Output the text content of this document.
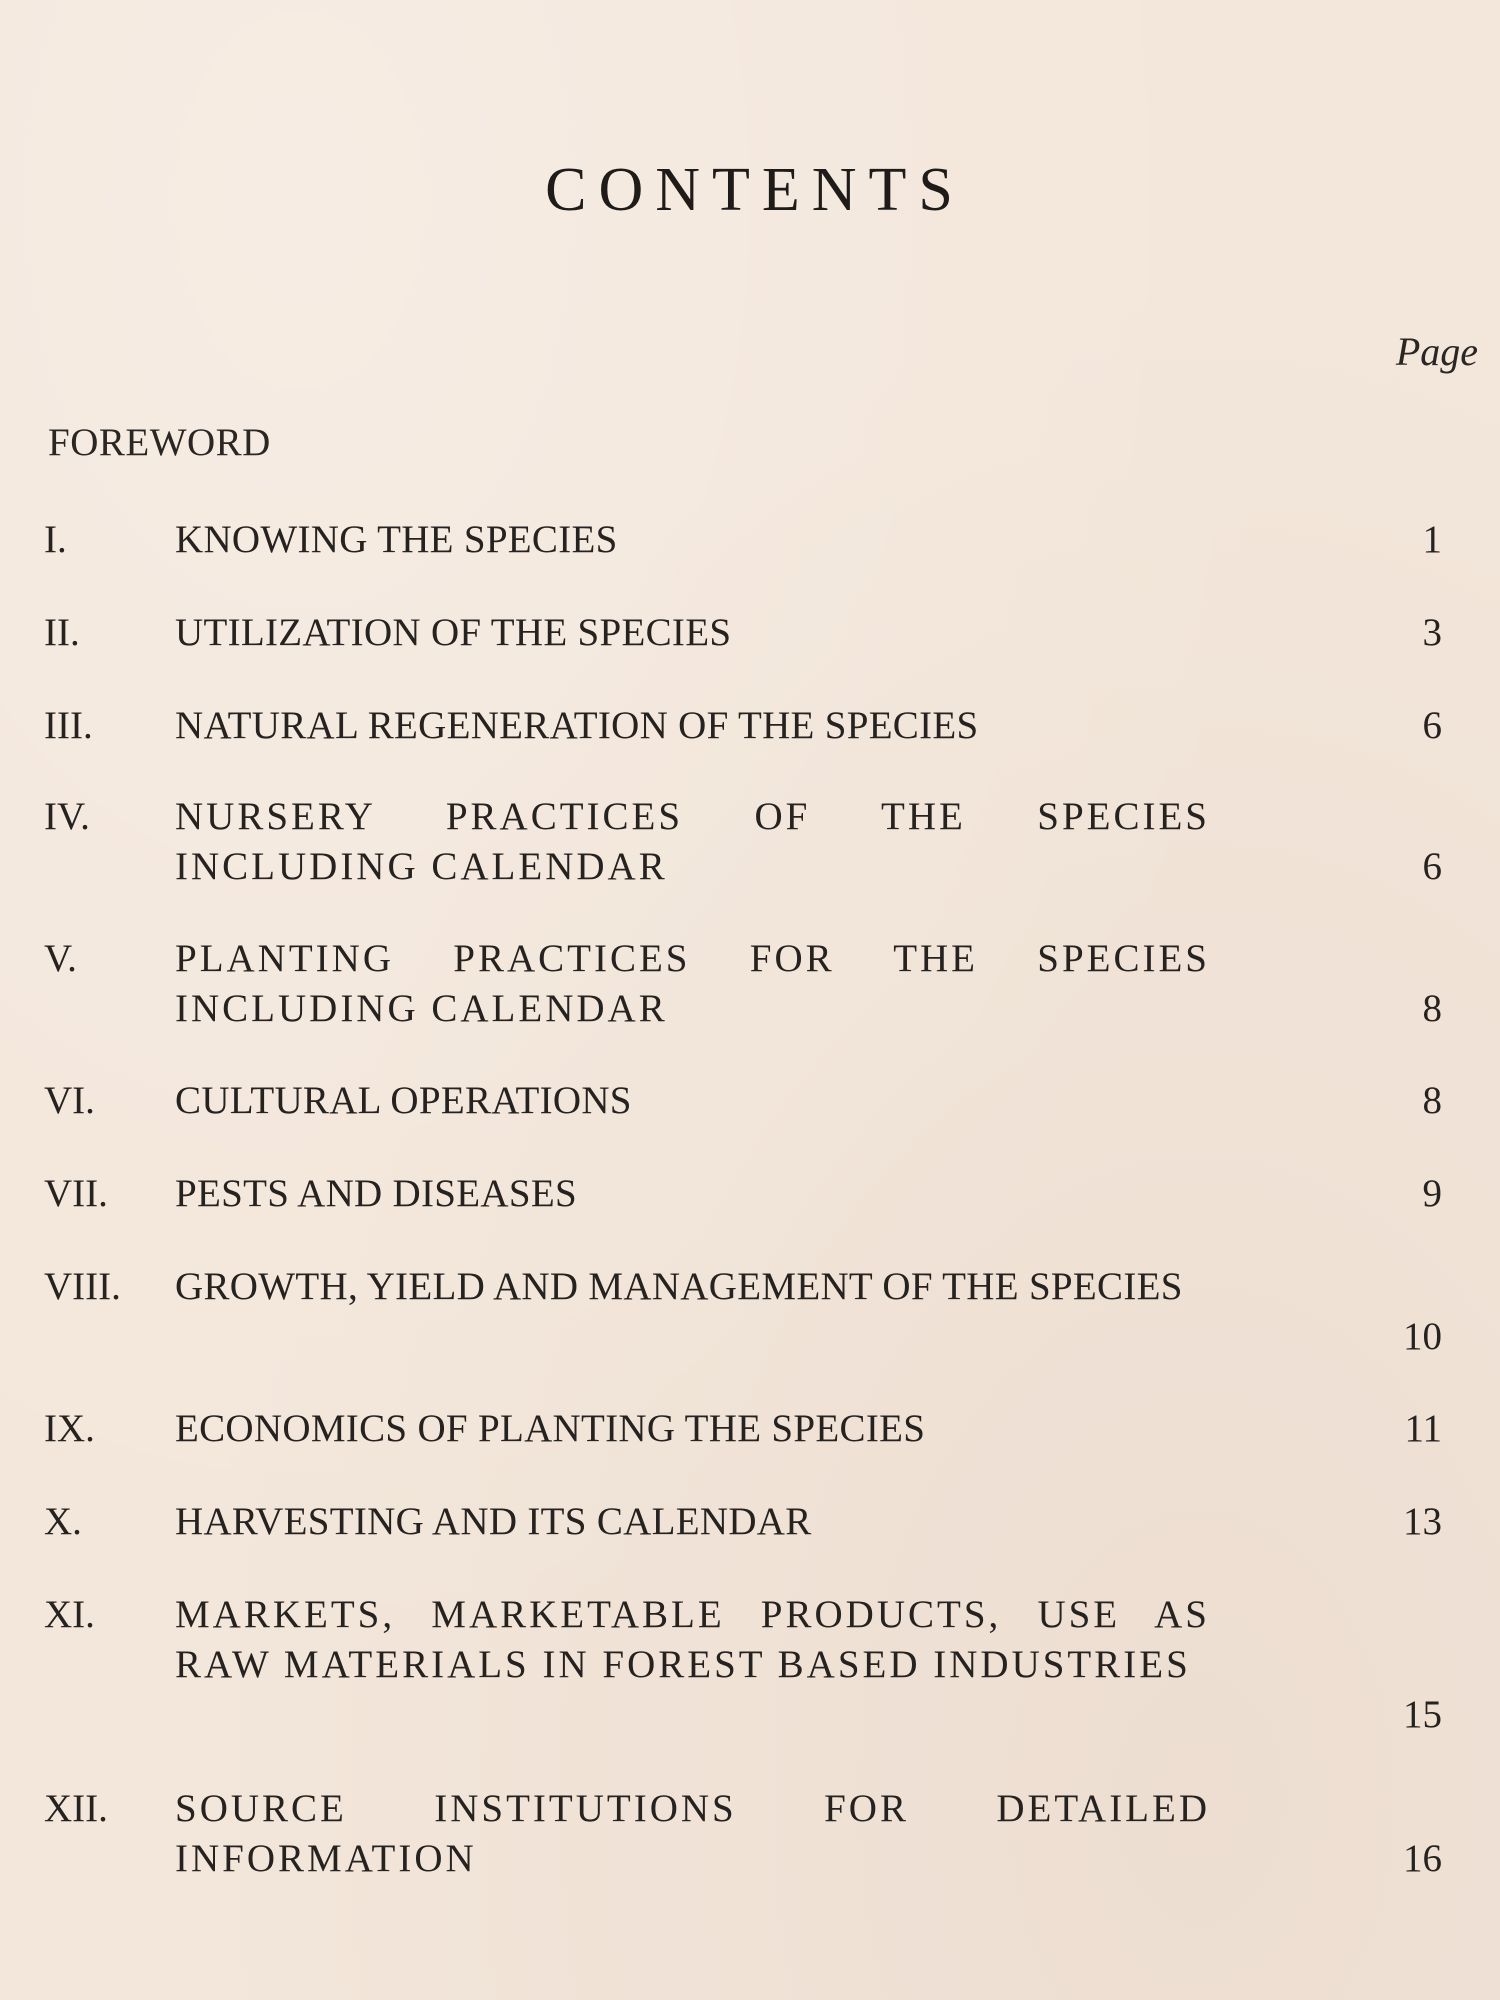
CONTENTS
Page
FOREWORD
I.	KNOWING THE SPECIES	1
II. UTILIZATION OF THE SPECIES	3
III. NATURAL REGENERATION OF THE SPECIES	6
IV. NURSERY PRACTICES OF THE SPECIES INCLUDING CALENDAR	6
V.	PLANTING PRACTICES FOR THE SPECIES INCLUDING CALENDAR	8
VI. CULTURAL OPERATIONS	8
VII. PESTS AND DISEASES	9
VIII. GROWTH, YIELD AND MANAGEMENT OF THE SPECIES
10
IX. ECONOMICS OF PLANTING THE SPECIES	11
X. HARVESTING AND ITS CALENDAR	13
XI. MARKETS, MARKETABLE PRODUCTS, USE AS RAW MATERIALS IN FOREST BASED INDUSTRIES
15
XII. SOURCE INSTITUTIONS FOR DETAILED INFORMATION	16
